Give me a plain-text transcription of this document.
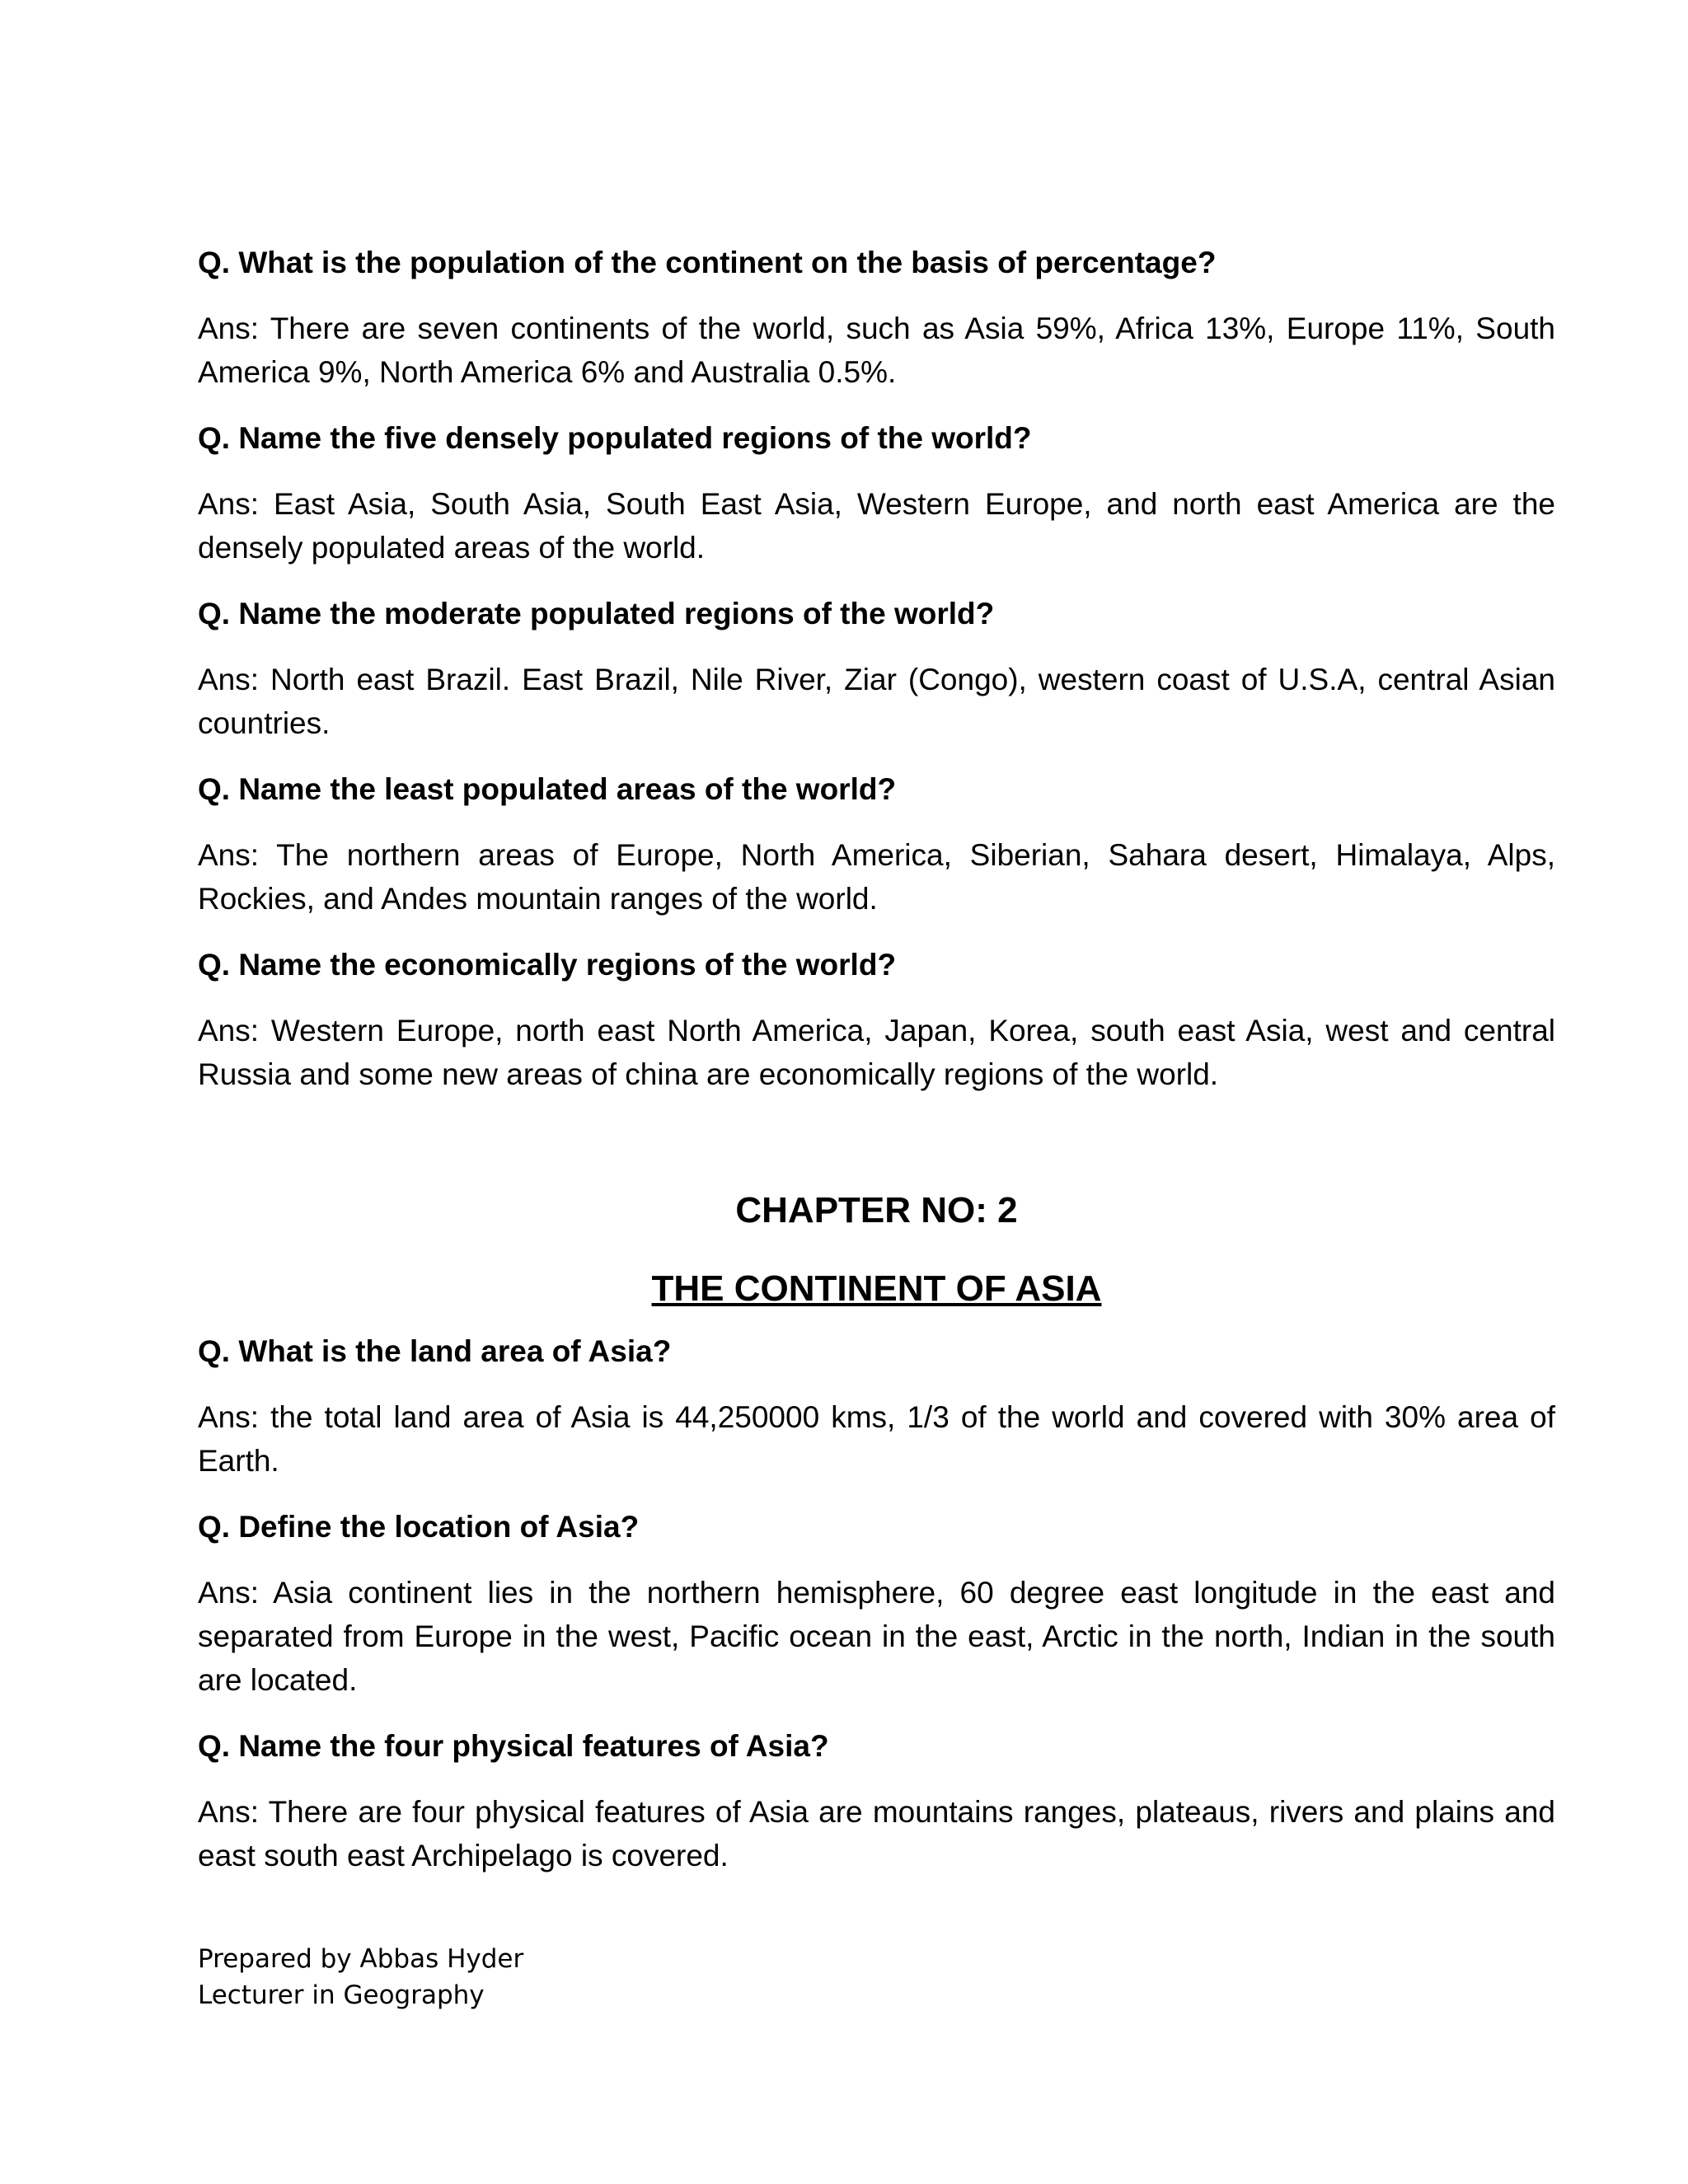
Q. What is the population of the continent on the basis of percentage?

Ans: There are seven continents of the world, such as Asia 59%, Africa 13%, Europe 11%, South America 9%, North America 6% and Australia 0.5%.

Q. Name the five densely populated regions of the world?

Ans: East Asia, South Asia, South East Asia, Western Europe, and north east America are the densely populated areas of the world.

Q. Name the moderate populated regions of the world?

Ans: North east Brazil. East Brazil, Nile River, Ziar (Congo), western coast of U.S.A, central Asian countries.

Q. Name the least populated areas of the world?

Ans: The northern areas of Europe, North America, Siberian, Sahara desert, Himalaya, Alps, Rockies, and Andes mountain ranges of the world.

Q. Name the economically regions of the world?

Ans: Western Europe, north east North America, Japan, Korea, south east Asia, west and central Russia and some new areas of china are economically regions of the world.

CHAPTER NO: 2
THE CONTINENT OF ASIA

Q. What is the land area of Asia?

Ans: the total land area of Asia is 44,250000 kms, 1/3 of the world and covered with 30% area of Earth.

Q. Define the location of Asia?

Ans: Asia continent lies in the northern hemisphere, 60 degree east longitude in the east and separated from Europe in the west, Pacific ocean in the east, Arctic in the north, Indian in the south are located.

Q. Name the four physical features of Asia?

Ans: There are four physical features of Asia are mountains ranges, plateaus, rivers and plains and east south east Archipelago is covered.

Prepared by Abbas Hyder
Lecturer in Geography
